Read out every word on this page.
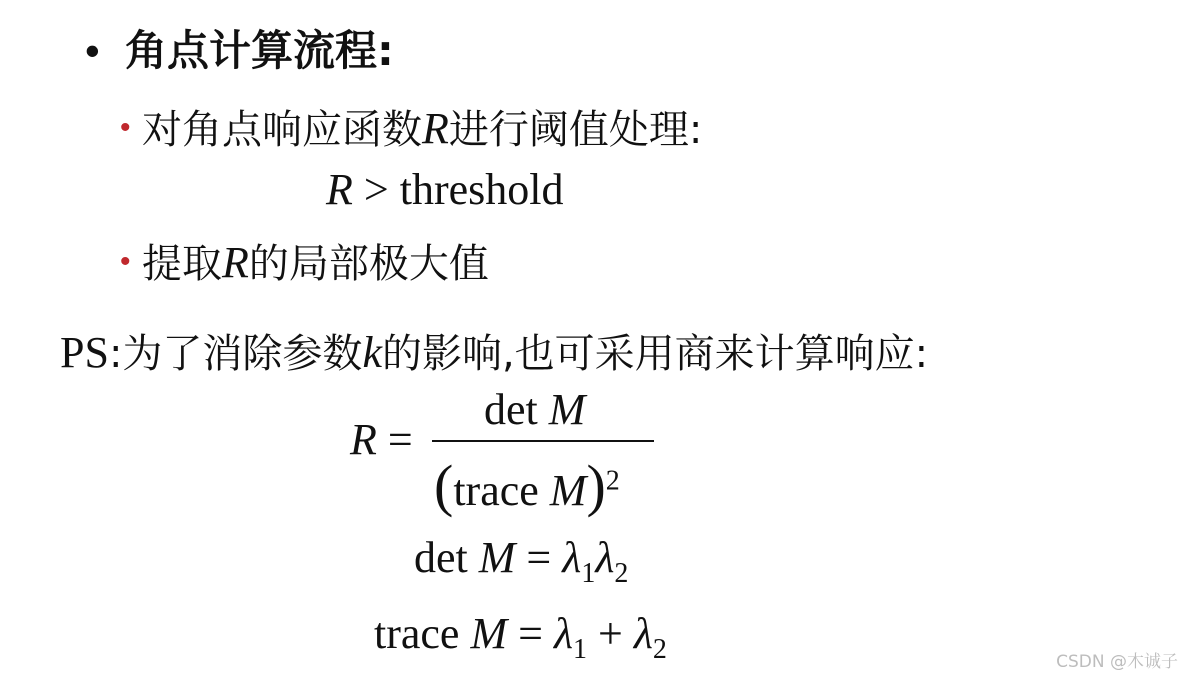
• 角点计算流程:
• 对角点响应函数R进行阈值处理:
R > threshold
• 提取R的局部极大值
PS:为了消除参数k的影响,也可采用商来计算响应:
R =
det M
(trace M)$^2$
$\det M = \lambda_1\lambda_2$
trace $M = \lambda_1 + \lambda_2$	CSDN @木诚子
